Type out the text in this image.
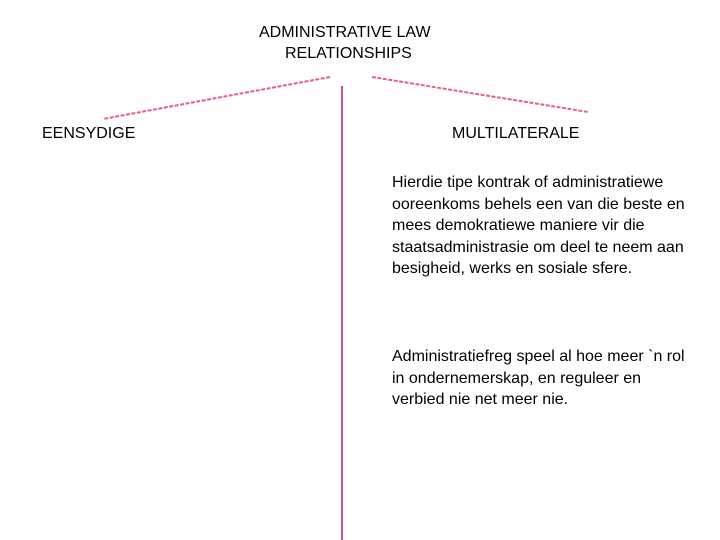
ADMINISTRATIVE LAW
RELATIONSHIPS
EENSYDIGE	MULTILATERALE
Hierdie tipe kontrak of administratiewe ooreenkoms behels een van die beste en mees demokratiewe maniere vir die staatsadministrasie om deel te neem aan besigheid, werks en sosiale sfere.
Administratiefreg speel al hoe meer `n rol in ondernemerskap, en reguleer en verbied nie net meer nie.
